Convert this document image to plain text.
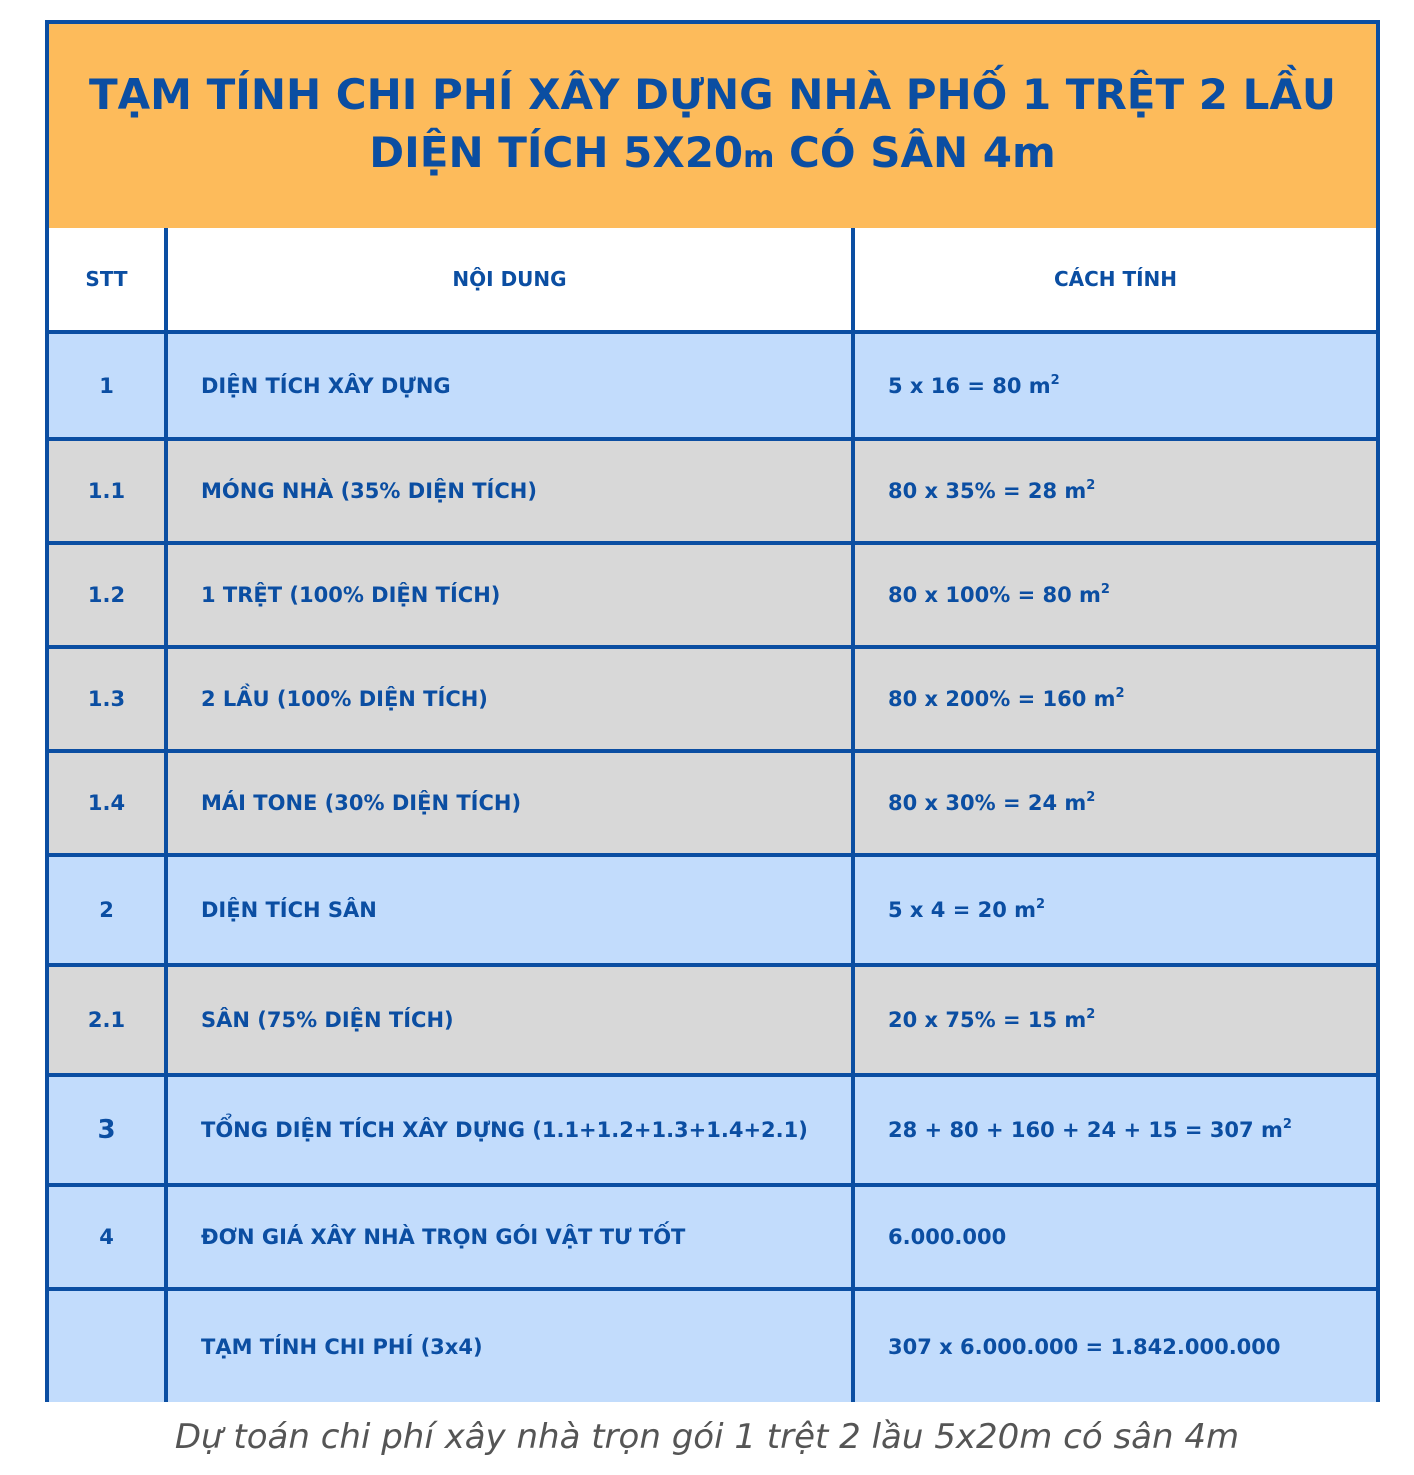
TẠM TÍNH CHI PHÍ XÂY DỰNG NHÀ PHỐ 1 TRỆT 2 LẦU
DIỆN TÍCH 5X20m CÓ SÂN 4m
STT	NỘI DUNG	CÁCH TÍNH
1	DIỆN TÍCH XÂY DỰNG	5 x 16 = 80 $m^2$
1.1	MÓNG NHÀ (35% DIỆN TÍCH)	80 x 35% = 28 $m^2$
1.2	1 TRỆT (100% DIỆN TÍCH)	80 x 100% = 80 $m^2$
1.3	2 LẦU (100% DIỆN TÍCH)	80 x 200% = 160 $m^2$
1.4	MÁI TONE (30% DIỆN TÍCH)	80 x 30% = 24 $m^2$
2	DIỆN TÍCH SÂN	5 x 4 = 20 $m^2$
2.1	SÂN (75% DIỆN TÍCH)	20 x 75% = 15 $m^2$
3	TỔNG DIỆN TÍCH XÂY DỰNG (1.1+1.2+1.3+1.4+2.1)	28 + 80 + 160 + 24 + 15 = 307 $m^2$
4	ĐƠN GIÁ XÂY NHÀ TRỌN GÓI VẬT TƯ TỐT	6.000.000
	TẠM TÍNH CHI PHÍ (3x4)	307 x 6.000.000 = 1.842.000.000
Dự toán chi phí xây nhà trọn gói 1 trệt 2 lầu 5x20m có sân 4m
